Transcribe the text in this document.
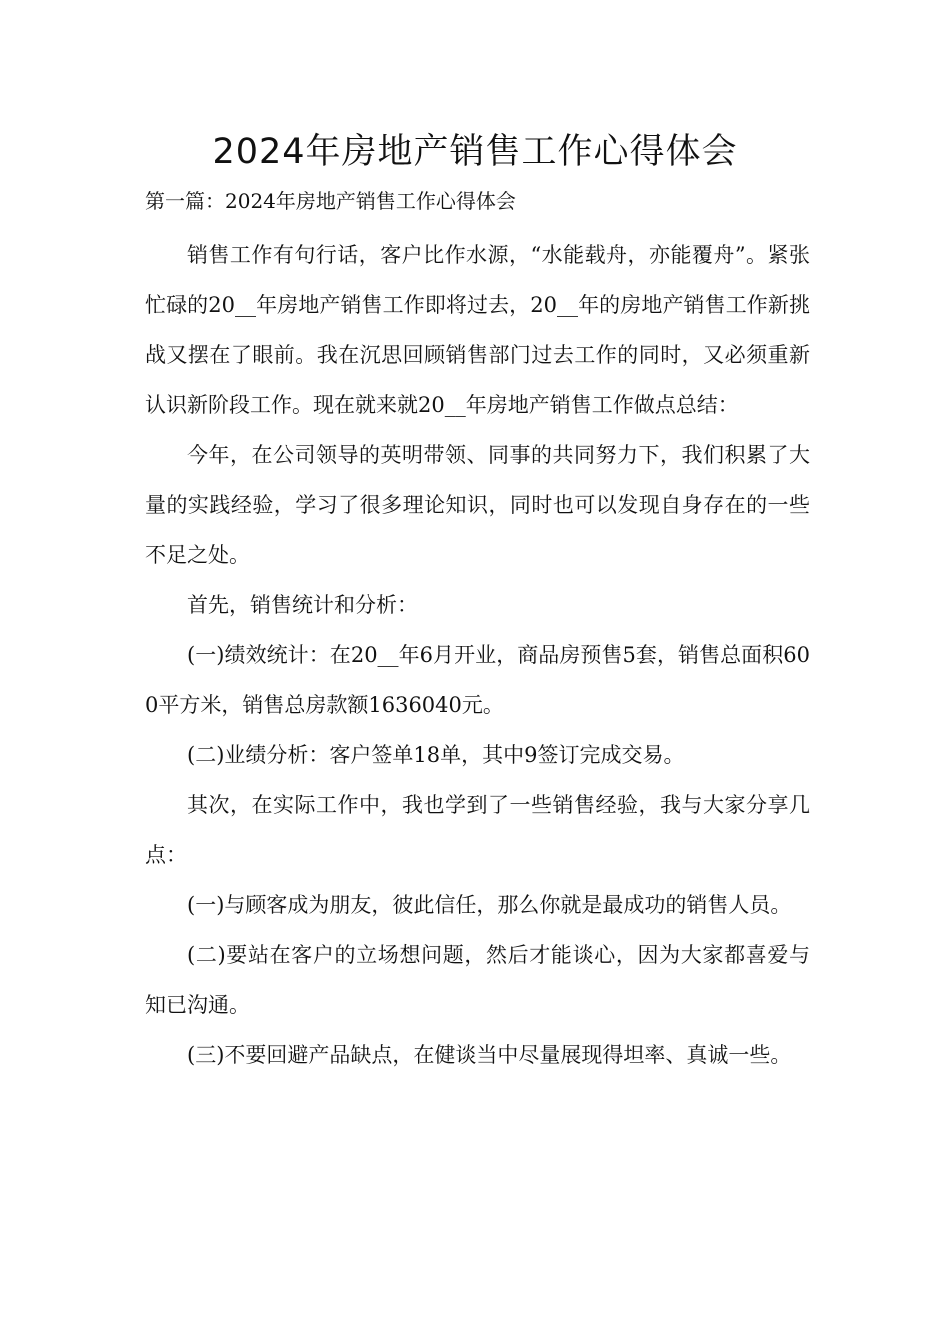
2024年房地产销售工作心得体会

第一篇：2024年房地产销售工作心得体会

销售工作有句行话，客户比作水源，“水能载舟，亦能覆舟”。紧张忙碌的20__年房地产销售工作即将过去，20__年的房地产销售工作新挑战又摆在了眼前。我在沉思回顾销售部门过去工作的同时，又必须重新认识新阶段工作。现在就来就20__年房地产销售工作做点总结：

今年，在公司领导的英明带领、同事的共同努力下，我们积累了大量的实践经验，学习了很多理论知识，同时也可以发现自身存在的一些不足之处。

首先，销售统计和分析：

(一)绩效统计：在20__年6月开业，商品房预售5套，销售总面积600平方米，销售总房款额1636040元。

(二)业绩分析：客户签单18单，其中9签订完成交易。

其次，在实际工作中，我也学到了一些销售经验，我与大家分享几点：

(一)与顾客成为朋友，彼此信任，那么你就是最成功的销售人员。

(二)要站在客户的立场想问题，然后才能谈心，因为大家都喜爱与知已沟通。

(三)不要回避产品缺点，在健谈当中尽量展现得坦率、真诚一些。
